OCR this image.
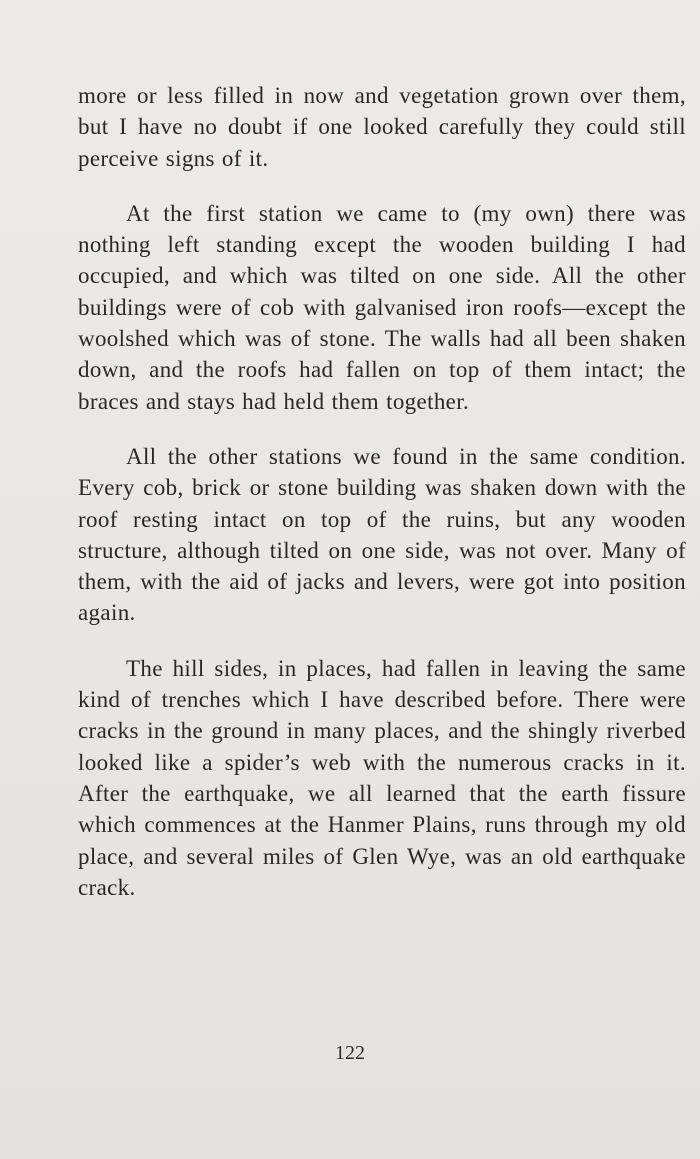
more or less filled in now and vegetation grown over them, but I have no doubt if one looked carefully they could still perceive signs of it.

At the first station we came to (my own) there was nothing left standing except the wooden building I had occupied, and which was tilted on one side. All the other buildings were of cob with galvanised iron roofs—except the woolshed which was of stone. The walls had all been shaken down, and the roofs had fallen on top of them intact; the braces and stays had held them together.

All the other stations we found in the same condition. Every cob, brick or stone building was shaken down with the roof resting intact on top of the ruins, but any wooden structure, although tilted on one side, was not over. Many of them, with the aid of jacks and levers, were got into position again.

The hill sides, in places, had fallen in leaving the same kind of trenches which I have described before. There were cracks in the ground in many places, and the shingly riverbed looked like a spider’s web with the numerous cracks in it. After the earthquake, we all learned that the earth fissure which commences at the Hanmer Plains, runs through my old place, and several miles of Glen Wye, was an old earthquake crack.

122
